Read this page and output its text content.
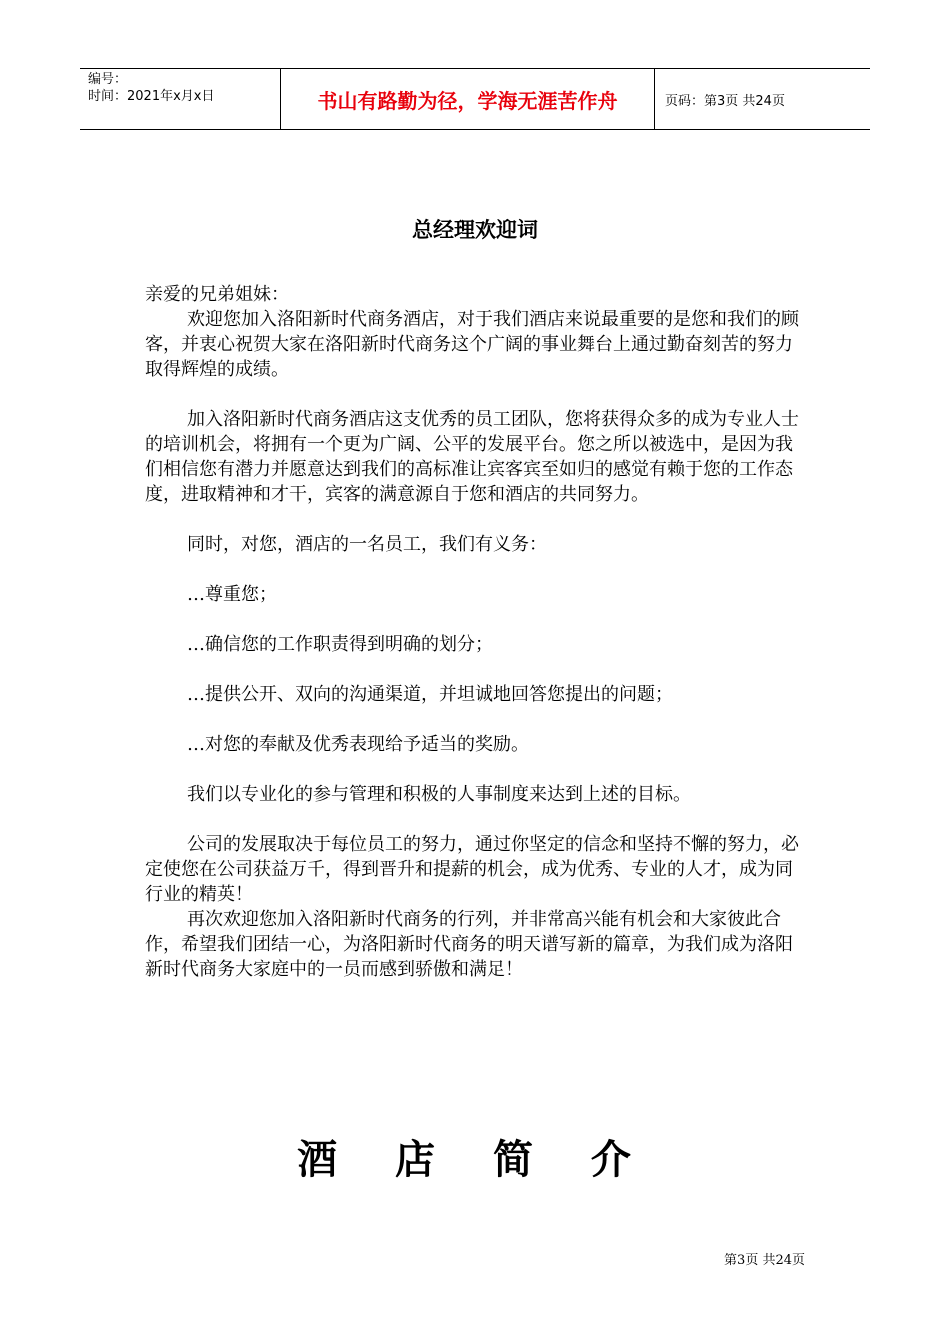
编号：
时间：2021年x月x日	书山有路勤为径，学海无涯苦作舟	页码：第3页 共24页
总经理欢迎词

亲爱的兄弟姐妹：

欢迎您加入洛阳新时代商务酒店，对于我们酒店来说最重要的是您和我们的顾客，并衷心祝贺大家在洛阳新时代商务这个广阔的事业舞台上通过勤奋刻苦的努力取得辉煌的成绩。

加入洛阳新时代商务酒店这支优秀的员工团队，您将获得众多的成为专业人士的培训机会，将拥有一个更为广阔、公平的发展平台。您之所以被选中，是因为我们相信您有潜力并愿意达到我们的高标准让宾客宾至如归的感觉有赖于您的工作态度，进取精神和才干，宾客的满意源自于您和酒店的共同努力。

同时，对您，酒店的一名员工，我们有义务：

…尊重您；

…确信您的工作职责得到明确的划分；

…提供公开、双向的沟通渠道，并坦诚地回答您提出的问题；

…对您的奉献及优秀表现给予适当的奖励。

我们以专业化的参与管理和积极的人事制度来达到上述的目标。

公司的发展取决于每位员工的努力，通过你坚定的信念和坚持不懈的努力，必定使您在公司获益万千，得到晋升和提薪的机会，成为优秀、专业的人才，成为同行业的精英！

再次欢迎您加入洛阳新时代商务的行列，并非常高兴能有机会和大家彼此合作，希望我们团结一心，为洛阳新时代商务的明天谱写新的篇章，为我们成为洛阳新时代商务大家庭中的一员而感到骄傲和满足！

酒 店 简 介
第3页 共24页
